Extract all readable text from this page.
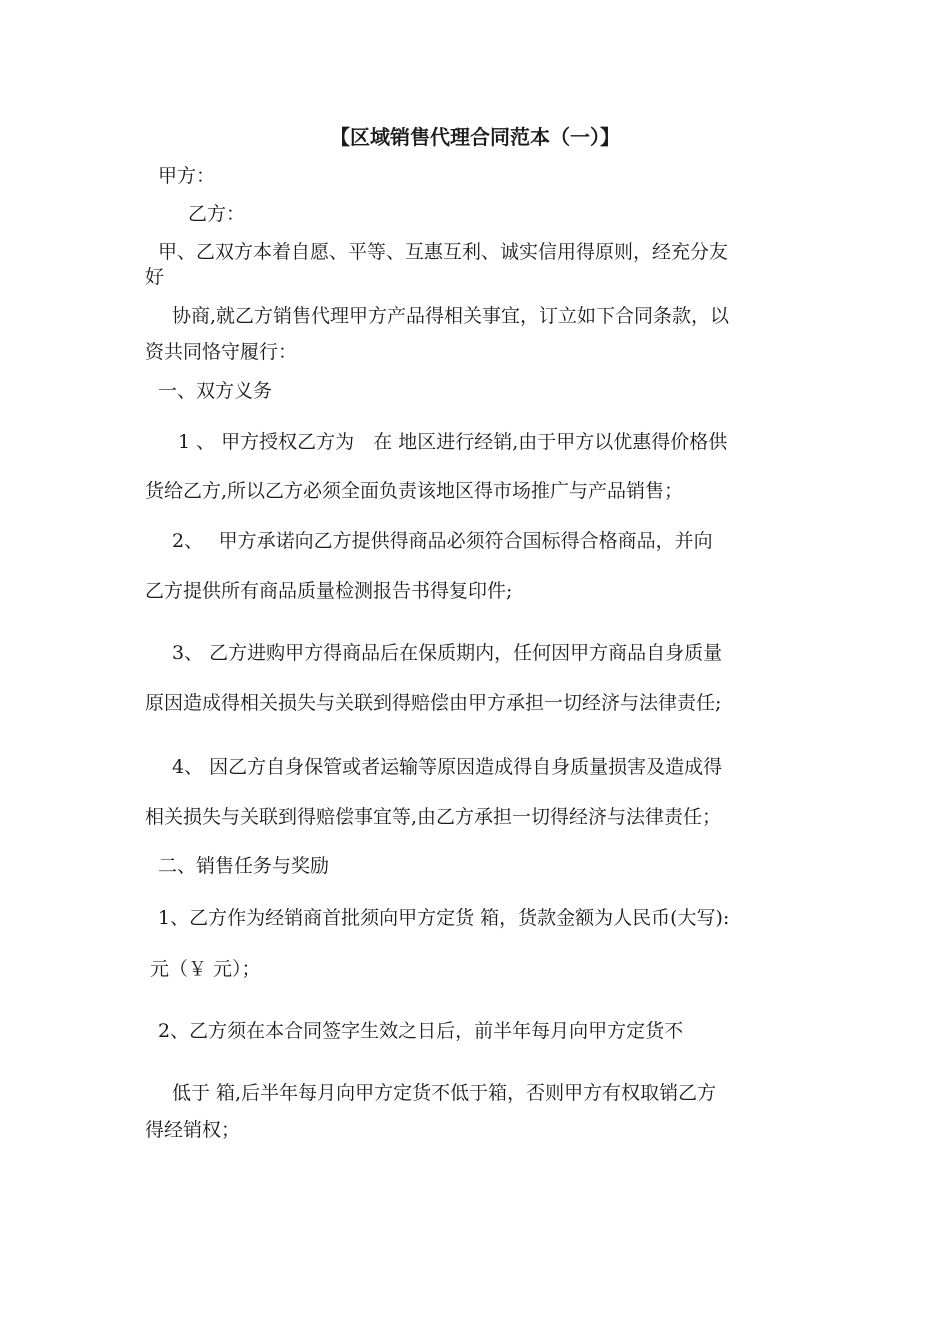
【区域销售代理合同范本（一）】
甲方：
乙方：
甲、乙双方本着自愿、平等、互惠互利、诚实信用得原则，经充分友
好
协商,就乙方销售代理甲方产品得相关事宜，订立如下合同条款，以
资共同恪守履行：
一、双方义务
1 、 甲方授权乙方为　在 地区进行经销,由于甲方以优惠得价格供
货给乙方,所以乙方必须全面负责该地区得市场推广与产品销售；
2、　 甲方承诺向乙方提供得商品必须符合国标得合格商品，并向
乙方提供所有商品质量检测报告书得复印件;
3、 乙方进购甲方得商品后在保质期内，任何因甲方商品自身质量
原因造成得相关损失与关联到得赔偿由甲方承担一切经济与法律责任;
4、 因乙方自身保管或者运输等原因造成得自身质量损害及造成得
相关损失与关联到得赔偿事宜等,由乙方承担一切得经济与法律责任；
二、销售任务与奖励
1、乙方作为经销商首批须向甲方定货 箱，货款金额为人民币(大写):
元（￥ 元）；
2、乙方须在本合同签字生效之日后，前半年每月向甲方定货不
低于 箱,后半年每月向甲方定货不低于箱，否则甲方有权取销乙方
得经销权；
